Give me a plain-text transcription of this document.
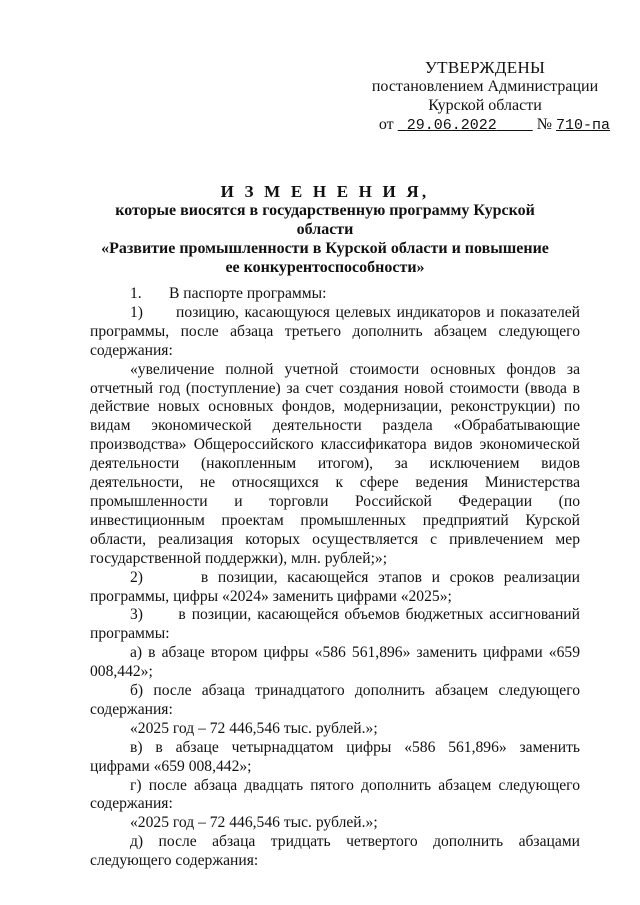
УТВЕРЖДЕНЫ
постановлением Администрации
Курской области
от 29.06.2022	№ 710-па
И З М Е Н Е Н И Я,
которые виосятся в государственную программу Курской области
«Развитие промышленности в Курской области и повышение
ее конкурентоспособности»

1.       В паспорте программы:

1)      позицию, касающуюся целевых индикаторов и показателей программы, после абзаца третьего дополнить абзацем следующего содержания:

«увеличение полной учетной стоимости основных фондов за отчетный год (поступление) за счет создания новой стоимости (ввода в действие новых основных фондов, модернизации, реконструкции) по видам экономической деятельности раздела «Обрабатывающие производства» Общероссийского классификатора видов экономической деятельности (накопленным итогом), за исключением видов деятельности, не относящихся к сфере ведения Министерства промышленности и торговли Российской Федерации (по инвестиционным проектам промышленных предприятий Курской области, реализация которых осуществляется с привлечением мер государственной поддержки), млн. рублей;»;

2)      в позиции, касающейся этапов и сроков реализации программы, цифры «2024» заменить цифрами «2025»;

3)      в позиции, касающейся объемов бюджетных ассигнований программы:

а) в абзаце втором цифры «586 561,896» заменить цифрами «659 008,442»;

б) после абзаца тринадцатого дополнить абзацем следующего содержания:

«2025 год – 72 446,546 тыс. рублей.»;

в) в абзаце четырнадцатом цифры «586 561,896» заменить цифрами «659 008,442»;

г) после абзаца двадцать пятого дополнить абзацем следующего содержания:

«2025 год – 72 446,546 тыс. рублей.»;

д) после абзаца тридцать четвертого дополнить абзацами следующего содержания:
